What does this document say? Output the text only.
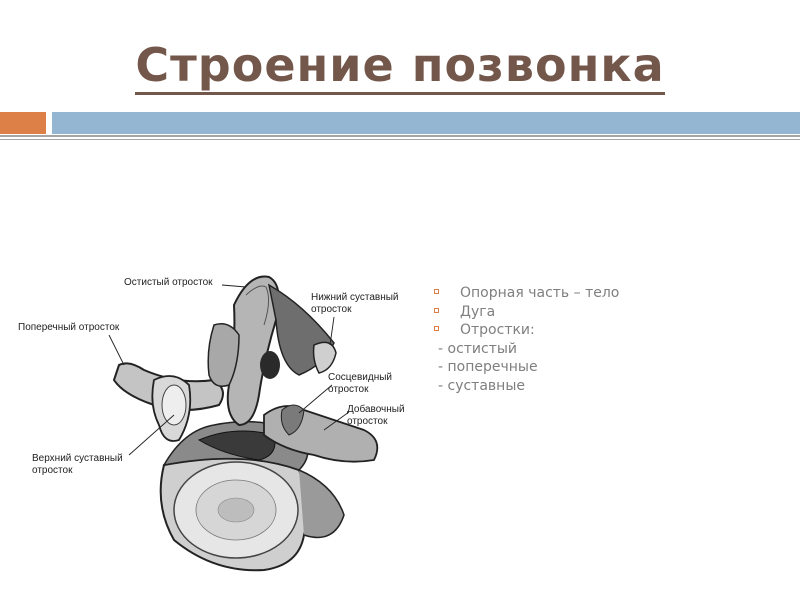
Строение позвонка
Остистый отросток
Нижний суставный
отросток
Поперечный отросток
Сосцевидный
отросток
Добавочный
отросток
Верхний суставный
отросток
Опорная часть – тело
Дуга
Отростки:
- остистый
- поперечные
- суставные
